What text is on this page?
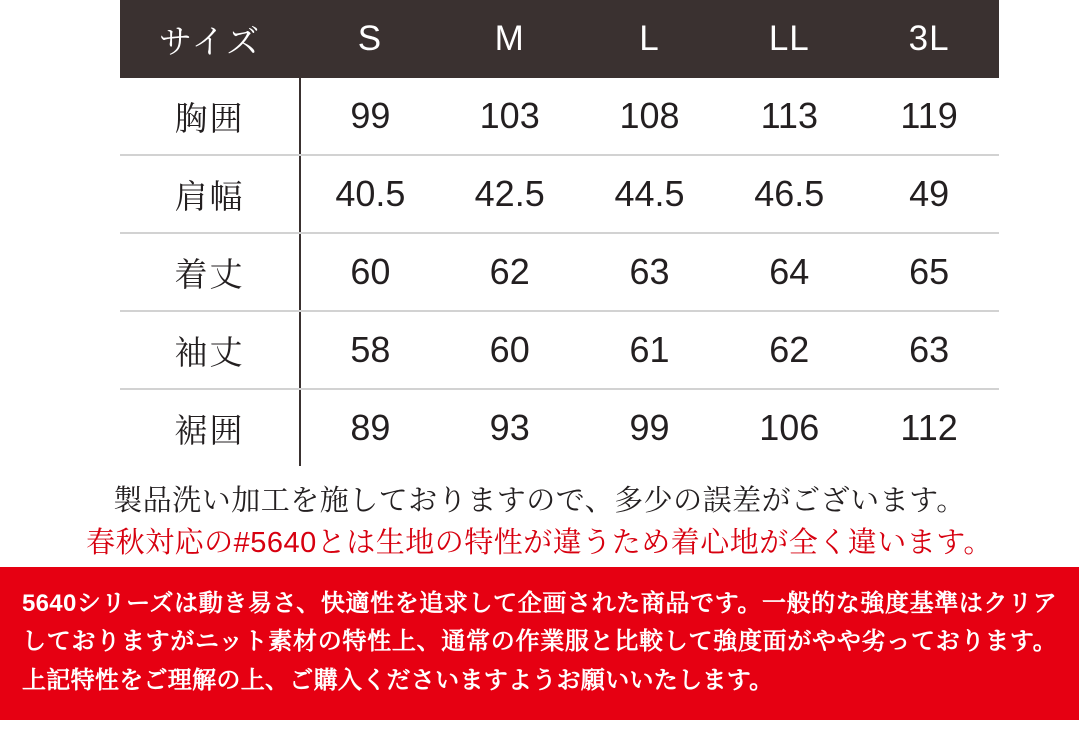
サイズ	S	M	L	LL	3L
胸囲	99	103	108	113	119
肩幅	40.5	42.5	44.5	46.5	49
着丈	60	62	63	64	65
袖丈	58	60	61	62	63
裾囲	89	93	99	106	112
製品洗い加工を施しておりますので、多少の誤差がございます。
春秋対応の#5640とは生地の特性が違うため着心地が全く違います。
5640シリーズは動き易さ、快適性を追求して企画された商品です。一般的な強度基準はクリアしておりますがニット素材の特性上、通常の作業服と比較して強度面がやや劣っております。上記特性をご理解の上、ご購入くださいますようお願いいたします。
